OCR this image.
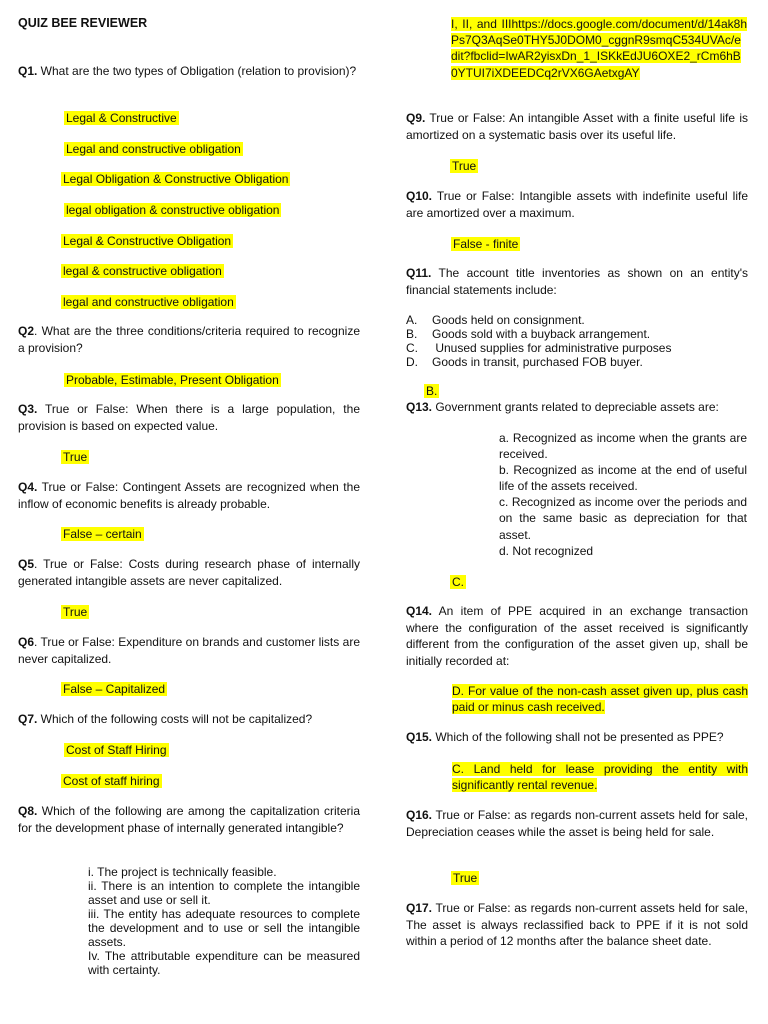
QUIZ BEE REVIEWER

Q1. What are the two types of Obligation (relation to provision)?

Legal & Constructive
Legal and constructive obligation
Legal Obligation & Constructive Obligation
legal obligation & constructive obligation
Legal & Constructive Obligation
legal & constructive obligation
legal and constructive obligation

Q2. What are the three conditions/criteria required to recognize a provision?

Probable, Estimable, Present Obligation

Q3. True or False: When there is a large population, the provision is based on expected value.

True

Q4. True or False: Contingent Assets are recognized when the inflow of economic benefits is already probable.

False – certain

Q5. True or False: Costs during research phase of internally generated intangible assets are never capitalized.

True

Q6. True or False: Expenditure on brands and customer lists are never capitalized.

False – Capitalized

Q7. Which of the following costs will not be capitalized?

Cost of Staff Hiring
Cost of staff hiring

Q8. Which of the following are among the capitalization criteria for the development phase of internally generated intangible?

i. The project is technically feasible.
ii. There is an intention to complete the intangible asset and use or sell it.
iii. The entity has adequate resources to complete the development and to use or sell the intangible assets.
Iv. The attributable expenditure can be measured with certainty.
I, II, and IIIhttps://docs.google.com/document/d/14ak8hPs7Q3AqSe0THY5J0DOM0_cggnR9smqC534UVAc/edit?fbclid=IwAR2yisxDn_1_ISKkEdJU6OXE2_rCm6hB0YTUI7iXDEEDCq2rVX6GAetxgAY

Q9. True or False: An intangible Asset with a finite useful life is amortized on a systematic basis over its useful life.

True

Q10. True or False: Intangible assets with indefinite useful life are amortized over a maximum.

False - finite

Q11. The account title inventories as shown on an entity's financial statements include:

A. Goods held on consignment.
B. Goods sold with a buyback arrangement.
C. Unused supplies for administrative purposes
D. Goods in transit, purchased FOB buyer.
B.

Q13. Government grants related to depreciable assets are:

a. Recognized as income when the grants are received.
b. Recognized as income at the end of useful life of the assets received.
c. Recognized as income over the periods and on the same basic as depreciation for that asset.
d. Not recognized
C.

Q14. An item of PPE acquired in an exchange transaction where the configuration of the asset received is significantly different from the configuration of the asset given up, shall be initially recorded at:

D. For value of the non-cash asset given up, plus cash paid or minus cash received.

Q15. Which of the following shall not be presented as PPE?

C. Land held for lease providing the entity with significantly rental revenue.

Q16. True or False: as regards non-current assets held for sale, Depreciation ceases while the asset is being held for sale.

True

Q17. True or False: as regards non-current assets held for sale, The asset is always reclassified back to PPE if it is not sold within a period of 12 months after the balance sheet date.
